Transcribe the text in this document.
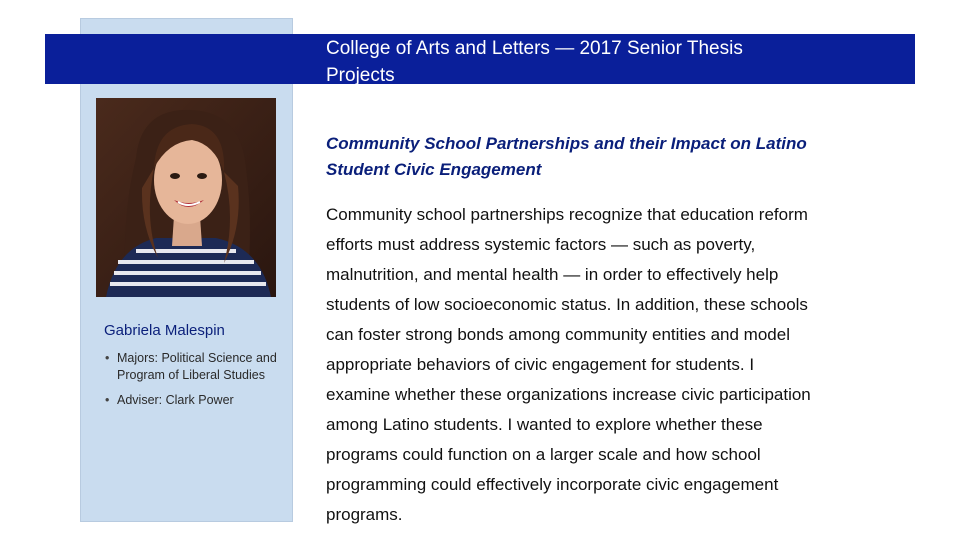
College of Arts and Letters — 2017 Senior Thesis
Projects

Gabriela Malespin

• Majors: Political Science and Program of Liberal Studies
• Adviser: Clark Power
Community School Partnerships and their Impact on Latino
Student Civic Engagement

Community school partnerships recognize that education reform
efforts must address systemic factors — such as poverty,
malnutrition, and mental health — in order to effectively help
students of low socioeconomic status. In addition, these schools
can foster strong bonds among community entities and model
appropriate behaviors of civic engagement for students. I
examine whether these organizations increase civic participation
among Latino students. I wanted to explore whether these
programs could function on a larger scale and how school
programming could effectively incorporate civic engagement
programs.
